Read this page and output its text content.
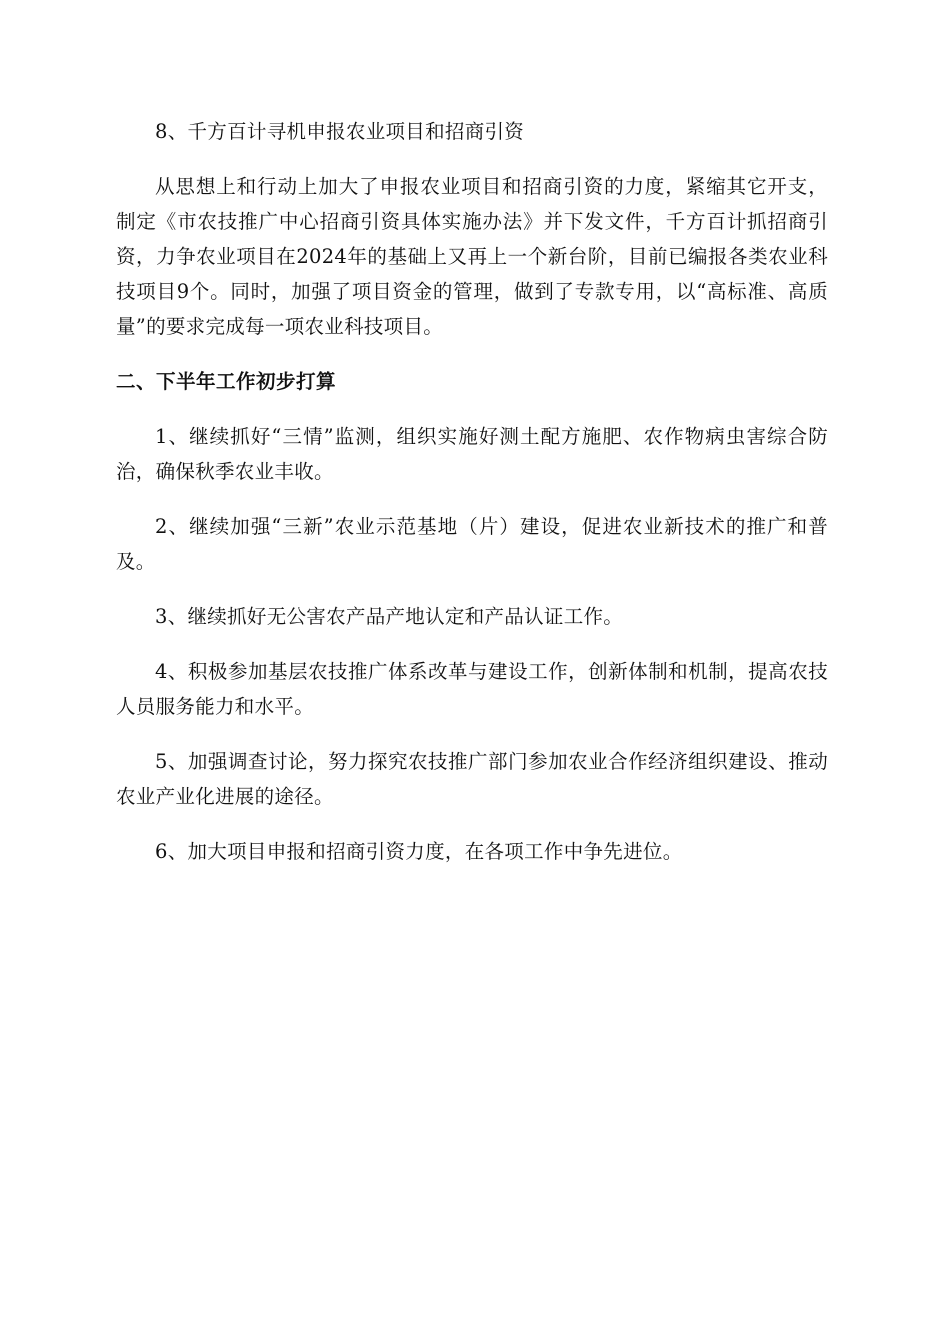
8、千方百计寻机申报农业项目和招商引资

从思想上和行动上加大了申报农业项目和招商引资的力度，紧缩其它开支，制定《市农技推广中心招商引资具体实施办法》并下发文件，千方百计抓招商引资，力争农业项目在2024年的基础上又再上一个新台阶，目前已编报各类农业科技项目9个。同时，加强了项目资金的管理，做到了专款专用，以“高标准、高质量”的要求完成每一项农业科技项目。

二、下半年工作初步打算

1、继续抓好“三情”监测，组织实施好测土配方施肥、农作物病虫害综合防治，确保秋季农业丰收。

2、继续加强“三新”农业示范基地（片）建设，促进农业新技术的推广和普及。

3、继续抓好无公害农产品产地认定和产品认证工作。

4、积极参加基层农技推广体系改革与建设工作，创新体制和机制，提高农技人员服务能力和水平。

5、加强调查讨论，努力探究农技推广部门参加农业合作经济组织建设、推动农业产业化进展的途径。

6、加大项目申报和招商引资力度，在各项工作中争先进位。
